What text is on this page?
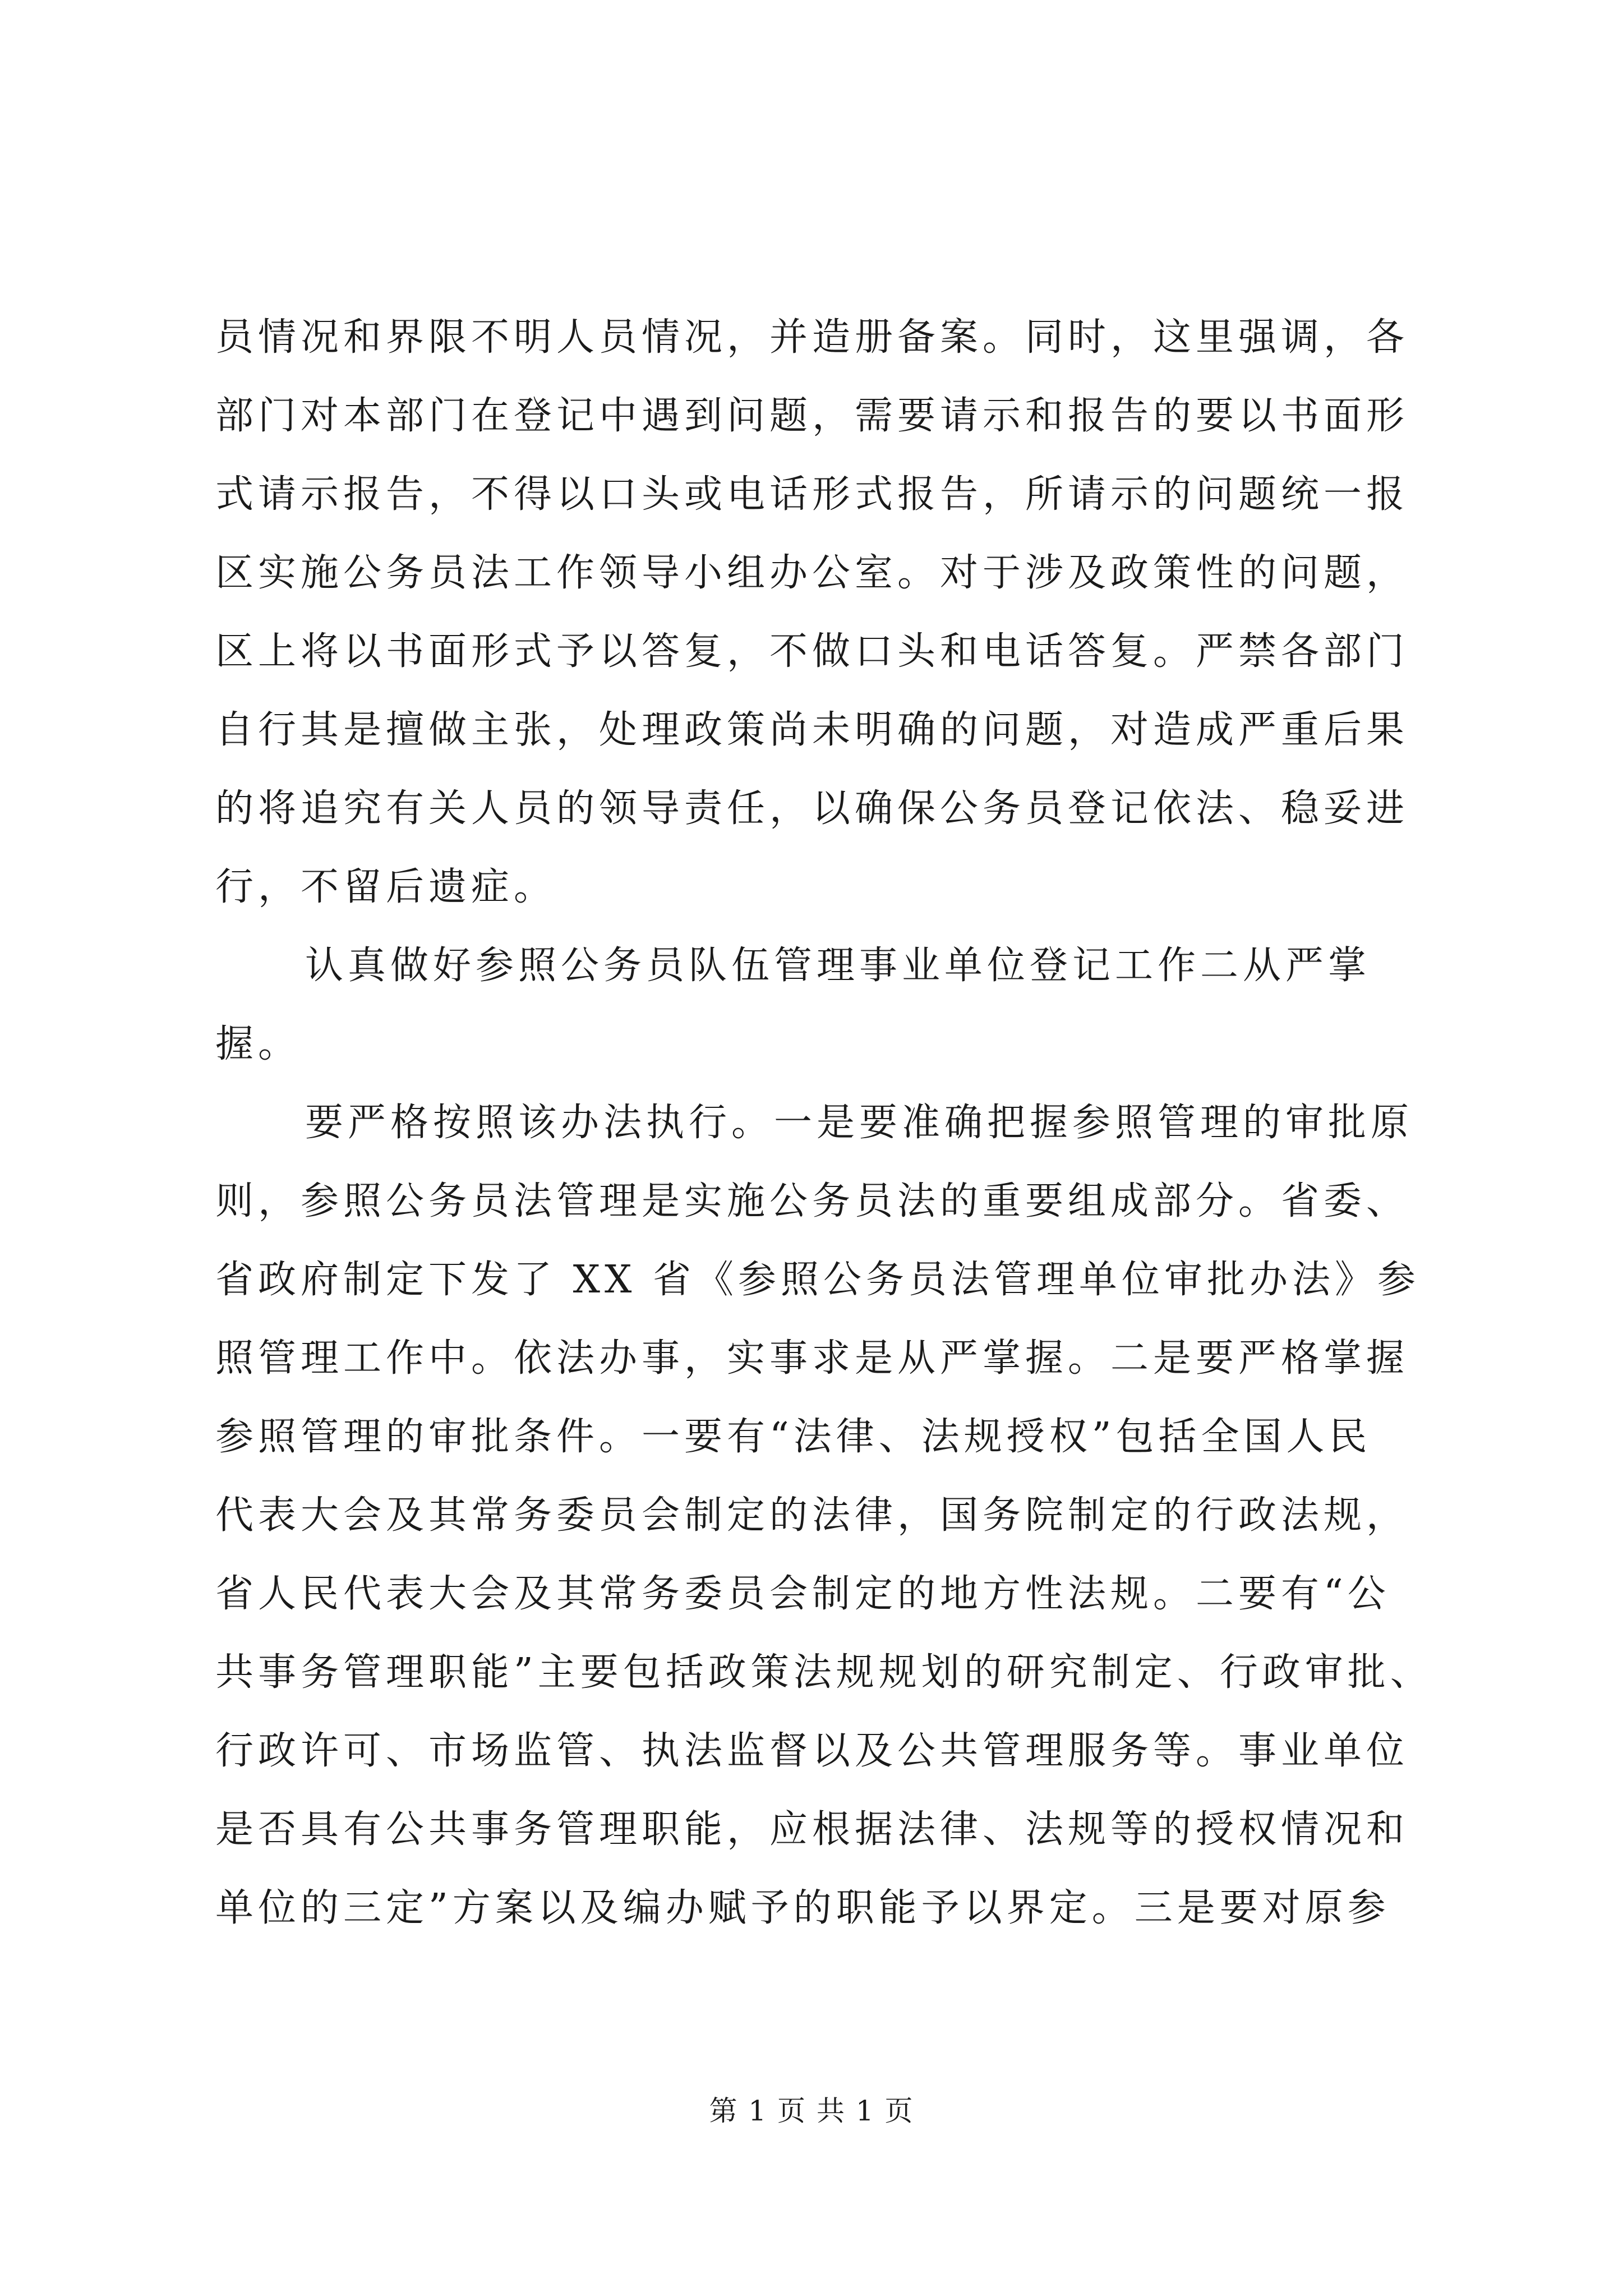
员情况和界限不明人员情况，并造册备案。同时，这里强调，各
部门对本部门在登记中遇到问题，需要请示和报告的要以书面形
式请示报告，不得以口头或电话形式报告，所请示的问题统一报
区实施公务员法工作领导小组办公室。对于涉及政策性的问题，
区上将以书面形式予以答复，不做口头和电话答复。严禁各部门
自行其是擅做主张，处理政策尚未明确的问题，对造成严重后果
的将追究有关人员的领导责任，以确保公务员登记依法、稳妥进
行，不留后遗症。
认真做好参照公务员队伍管理事业单位登记工作二从严掌
握。
要严格按照该办法执行。一是要准确把握参照管理的审批原
则，参照公务员法管理是实施公务员法的重要组成部分。省委、
省政府制定下发了 XX 省《参照公务员法管理单位审批办法》参
照管理工作中。依法办事，实事求是从严掌握。二是要严格掌握
参照管理的审批条件。一要有“法律、法规授权”包括全国人民
代表大会及其常务委员会制定的法律，国务院制定的行政法规，
省人民代表大会及其常务委员会制定的地方性法规。二要有“公
共事务管理职能”主要包括政策法规规划的研究制定、行政审批、
行政许可、市场监管、执法监督以及公共管理服务等。事业单位
是否具有公共事务管理职能，应根据法律、法规等的授权情况和
单位的三定”方案以及编办赋予的职能予以界定。三是要对原参
第 1 页 共 1 页
